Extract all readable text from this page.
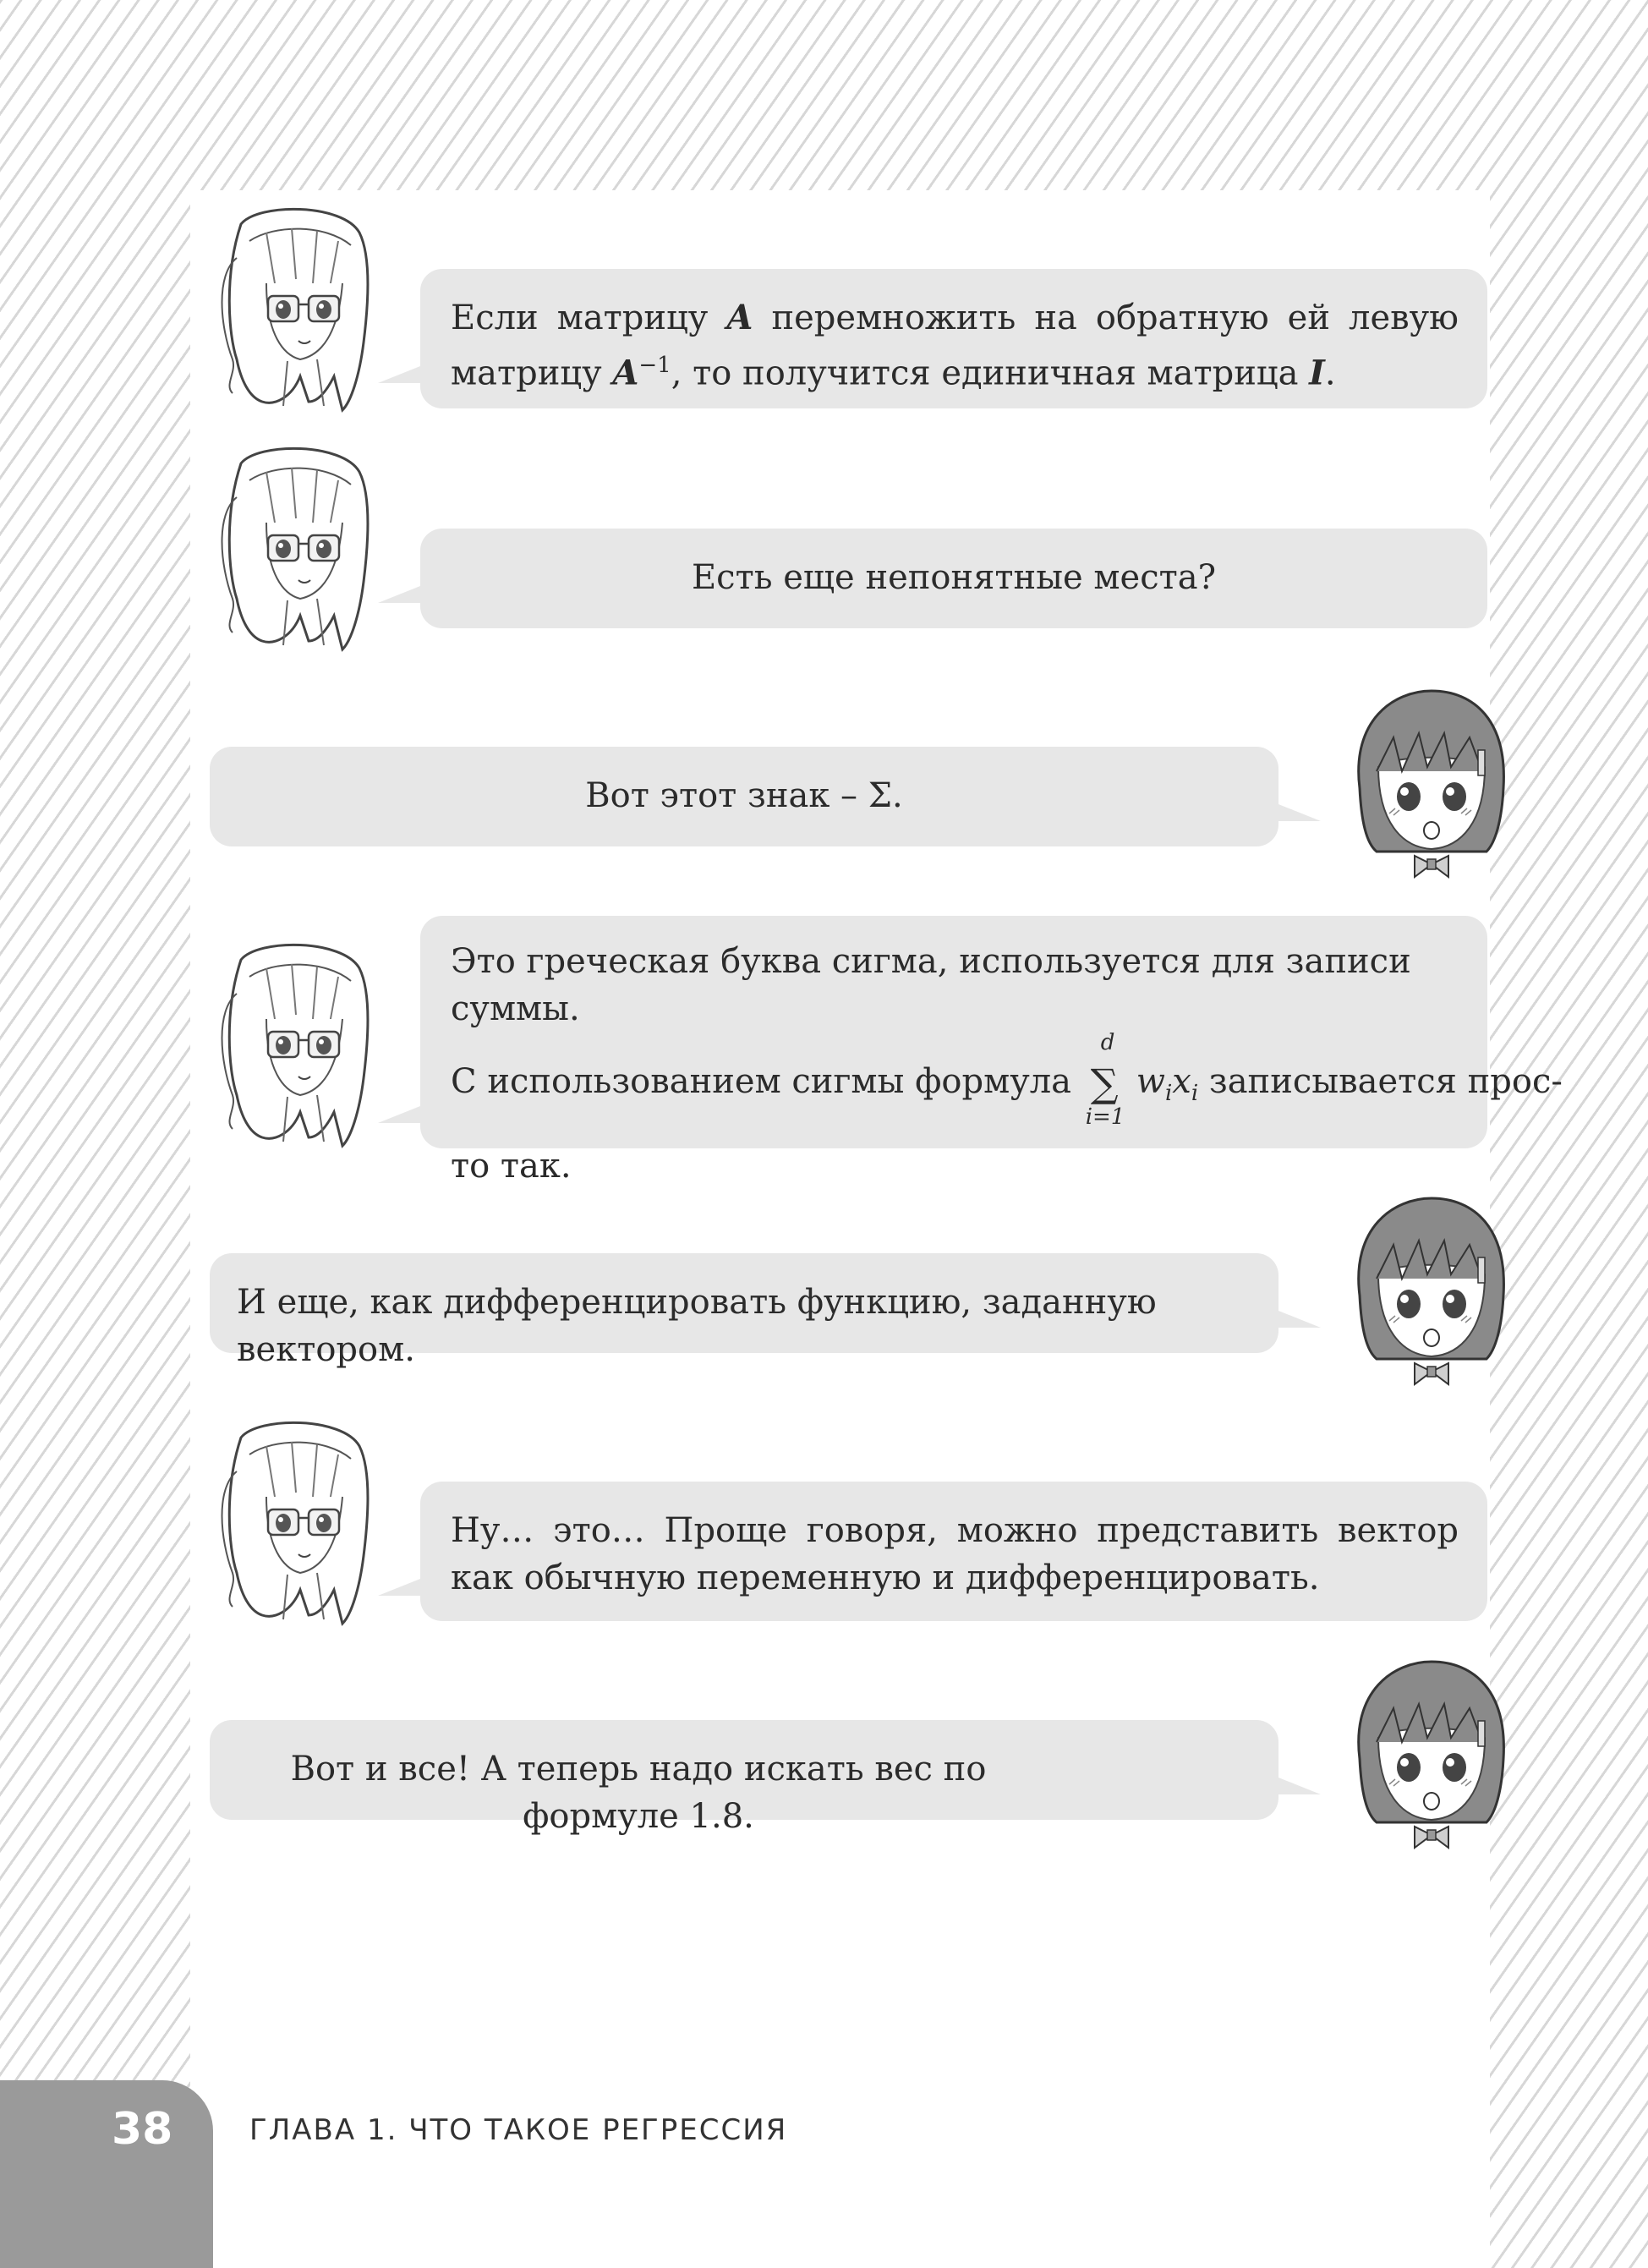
Если матрицу A перемножить на обратную ей левую матрицу $A^{-1}$, то получится единичная матрица I.
Есть еще непонятные места?
Вот этот знак – Σ.
Это греческая буква сигма, используется для записи суммы.
С использованием сигмы формула
d
∑
i=1
$w_ix_i$ записывается прос-
то так.
И еще, как дифференцировать функцию, заданную вектором.
Ну… это… Проще говоря, можно представить вектор как обычную переменную и дифференцировать.
Вот и все! А теперь надо искать вес по формуле 1.8.
38	ГЛАВА 1. ЧТО ТАКОЕ РЕГРЕССИЯ
